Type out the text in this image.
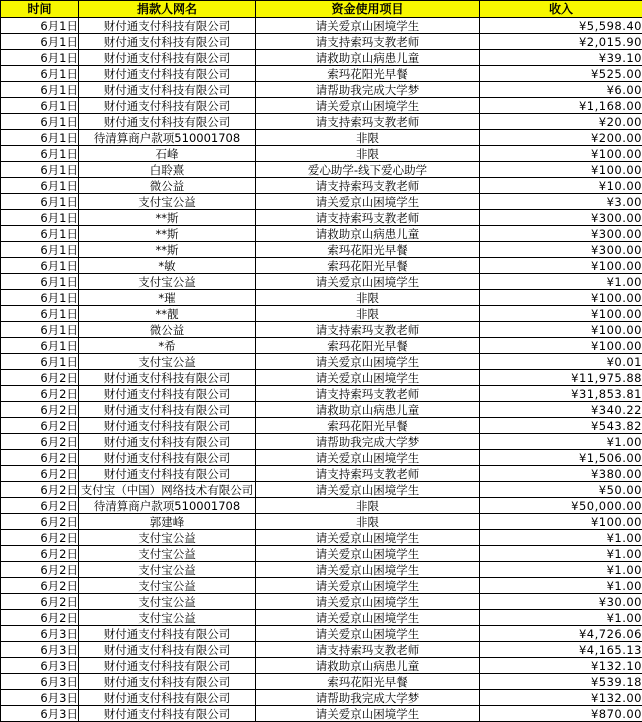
时间	捐款人网名	资金使用项目	收入
6月1日	财付通支付科技有限公司	请关爱京山困境学生	¥5,598.40
6月1日	财付通支付科技有限公司	请支持索玛支教老师	¥2,015.90
6月1日	财付通支付科技有限公司	请救助京山病患儿童	¥39.10
6月1日	财付通支付科技有限公司	索玛花阳光早餐	¥525.00
6月1日	财付通支付科技有限公司	请帮助我完成大学梦	¥6.00
6月1日	财付通支付科技有限公司	请关爱京山困境学生	¥1,168.00
6月1日	财付通支付科技有限公司	请支持索玛支教老师	¥20.00
6月1日	待清算商户款项510001708	非限	¥200.00
6月1日	石峰	非限	¥100.00
6月1日	白聆熹	爱心助学-线下爱心助学	¥100.00
6月1日	微公益	请支持索玛支教老师	¥10.00
6月1日	支付宝公益	请关爱京山困境学生	¥3.00
6月1日	**斯	请支持索玛支教老师	¥300.00
6月1日	**斯	请救助京山病患儿童	¥300.00
6月1日	**斯	索玛花阳光早餐	¥300.00
6月1日	*敏	索玛花阳光早餐	¥100.00
6月1日	支付宝公益	请关爱京山困境学生	¥1.00
6月1日	*璀	非限	¥100.00
6月1日	**靓	非限	¥100.00
6月1日	微公益	请支持索玛支教老师	¥100.00
6月1日	*希	索玛花阳光早餐	¥100.00
6月1日	支付宝公益	请关爱京山困境学生	¥0.01
6月2日	财付通支付科技有限公司	请关爱京山困境学生	¥11,975.88
6月2日	财付通支付科技有限公司	请支持索玛支教老师	¥31,853.81
6月2日	财付通支付科技有限公司	请救助京山病患儿童	¥340.22
6月2日	财付通支付科技有限公司	索玛花阳光早餐	¥543.82
6月2日	财付通支付科技有限公司	请帮助我完成大学梦	¥1.00
6月2日	财付通支付科技有限公司	请关爱京山困境学生	¥1,506.00
6月2日	财付通支付科技有限公司	请支持索玛支教老师	¥380.00
6月2日	支付宝（中国）网络技术有限公司	请关爱京山困境学生	¥50.00
6月2日	待清算商户款项510001708	非限	¥50,000.00
6月2日	郭建峰	非限	¥100.00
6月2日	支付宝公益	请关爱京山困境学生	¥1.00
6月2日	支付宝公益	请关爱京山困境学生	¥1.00
6月2日	支付宝公益	请关爱京山困境学生	¥1.00
6月2日	支付宝公益	请关爱京山困境学生	¥1.00
6月2日	支付宝公益	请关爱京山困境学生	¥30.00
6月2日	支付宝公益	请关爱京山困境学生	¥1.00
6月3日	财付通支付科技有限公司	请关爱京山困境学生	¥4,726.06
6月3日	财付通支付科技有限公司	请支持索玛支教老师	¥4,165.13
6月3日	财付通支付科技有限公司	请救助京山病患儿童	¥132.10
6月3日	财付通支付科技有限公司	索玛花阳光早餐	¥539.18
6月3日	财付通支付科技有限公司	请帮助我完成大学梦	¥132.00
6月3日	财付通支付科技有限公司	请关爱京山困境学生	¥870.00
